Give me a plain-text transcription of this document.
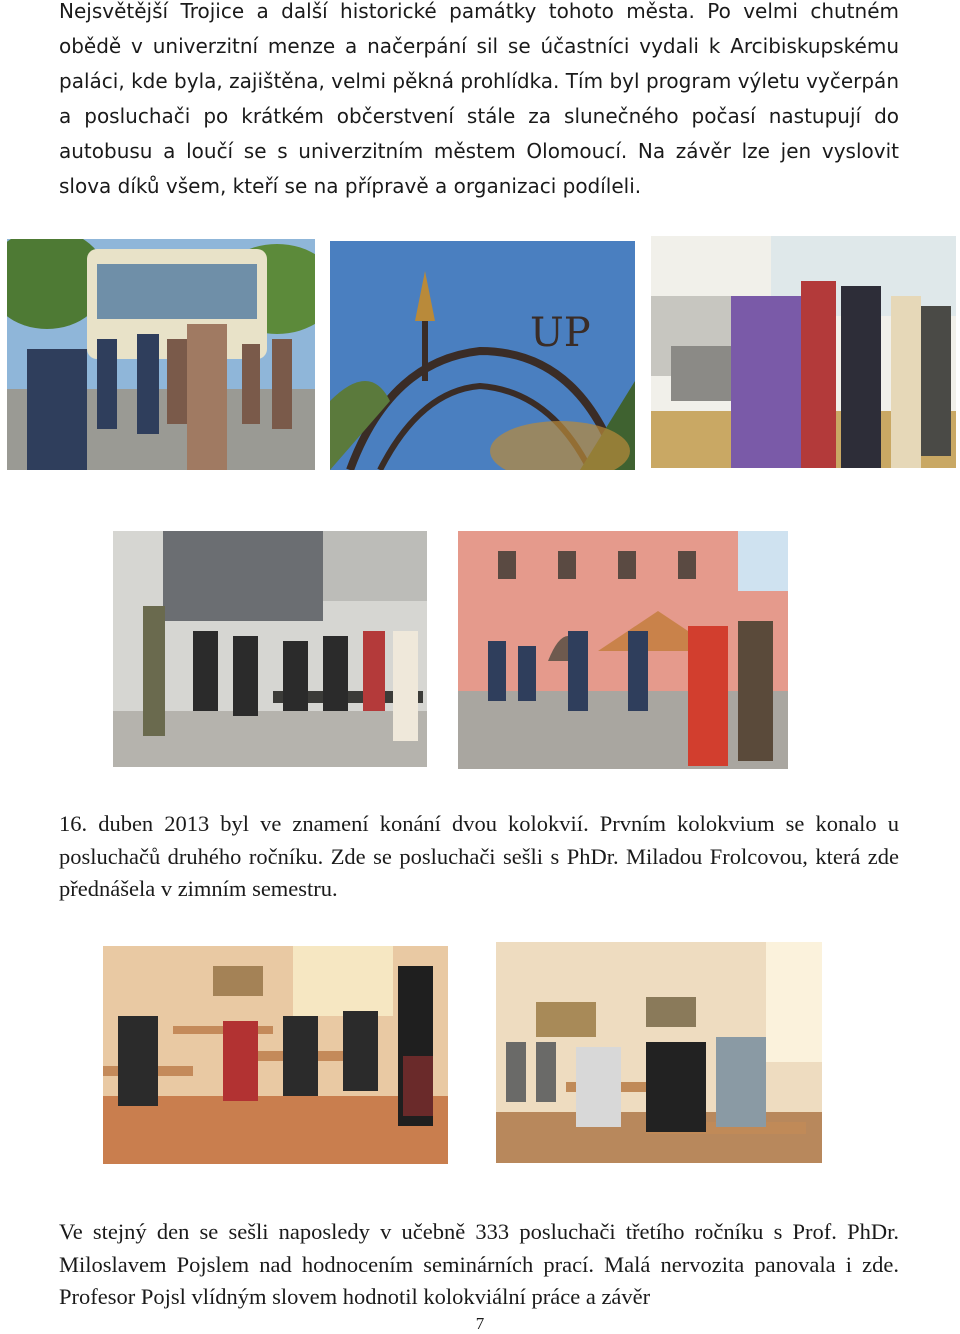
Nejsvětější Trojice a další historické památky tohoto města. Po velmi chutném obědě v univerzitní menze a načerpání sil se účastníci vydali k Arcibiskupskému paláci, kde byla, zajištěna, velmi pěkná prohlídka. Tím byl program výletu vyčerpán a posluchači po krátkém občerstvení stále za slunečného počasí nastupují do autobusu a loučí se s univerzitním městem Olomoucí. Na závěr lze jen vyslovit slova díků všem, kteří se na přípravě a organizaci podíleli.

UP

16. duben 2013 byl ve znamení konání dvou kolokvií. Prvním kolokvium se konalo u posluchačů druhého ročníku. Zde se posluchači sešli s PhDr. Miladou Frolcovou, která zde přednášela v zimním semestru.

Ve stejný den se sešli naposledy v učebně 333 posluchači třetího ročníku s Prof. PhDr. Miloslavem Pojslem nad hodnocením seminárních prací. Malá nervozita panovala i zde. Profesor Pojsl vlídným slovem hodnotil kolokviální práce a závěr

7
